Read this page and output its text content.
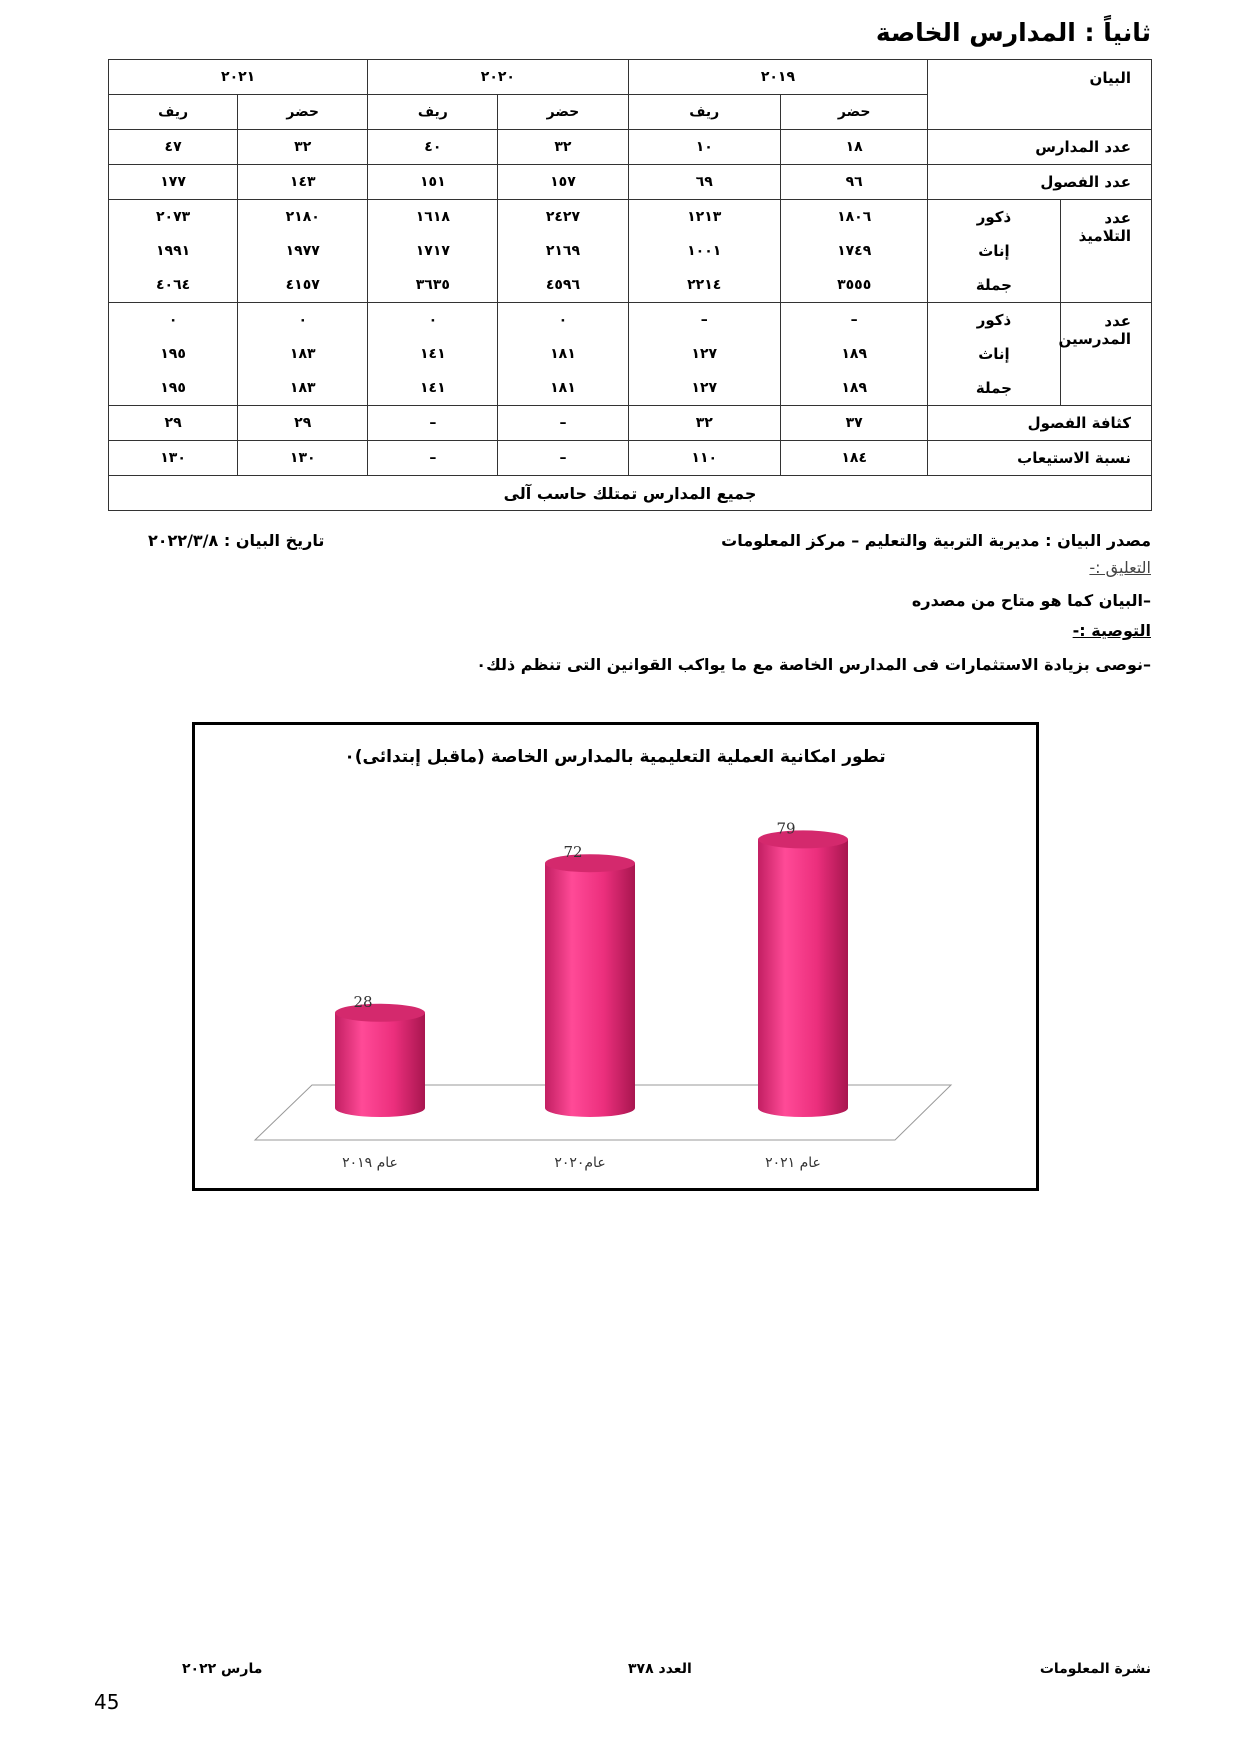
ثانياً : المدارس الخاصة
البيان		٢٠١٩		٢٠٢٠		٢٠٢١	
		حضر	ريف	حضر	ريف	حضر	ريف
عدد المدارس		١٨	١٠	٣٢	٤٠	٣٢	٤٧
عدد الفصول		٩٦	٦٩	١٥٧	١٥١	١٤٣	١٧٧
عدد التلاميذ	ذكور	١٨٠٦	١٢١٣	٢٤٢٧	١٦١٨	٢١٨٠	٢٠٧٣
	إناث	١٧٤٩	١٠٠١	٢١٦٩	١٧١٧	١٩٧٧	١٩٩١
	جملة	٣٥٥٥	٢٢١٤	٤٥٩٦	٣٦٣٥	٤١٥٧	٤٠٦٤
عدد المدرسين	ذكور	–	–	٠	٠	٠	٠
	إناث	١٨٩	١٢٧	١٨١	١٤١	١٨٣	١٩٥
	جملة	١٨٩	١٢٧	١٨١	١٤١	١٨٣	١٩٥
كثافة الفصول		٣٧	٣٢	–	–	٢٩	٢٩
نسبة الاستيعاب		١٨٤	١١٠	–	–	١٣٠	١٣٠
جميع المدارس تمتلك حاسب آلى							
مصدر البيان : مديرية التربية والتعليم – مركز المعلومات
تاريخ البيان : ٢٠٢٢/٣/٨
التعليق :-
–البيان كما هو متاح من مصدره
التوصية :-
–نوصى بزيادة الاستثمارات فى المدارس الخاصة مع ما يواكب القوانين التى تنظم ذلك٠
تطور امكانية العملية التعليمية بالمدارس الخاصة (ماقبل إبتدائى)٠
28
72
79
عام ٢٠١٩	عام٢٠٢٠	عام ٢٠٢١
مارس ٢٠٢٢	العدد ٣٧٨	نشرة المعلومات
45
